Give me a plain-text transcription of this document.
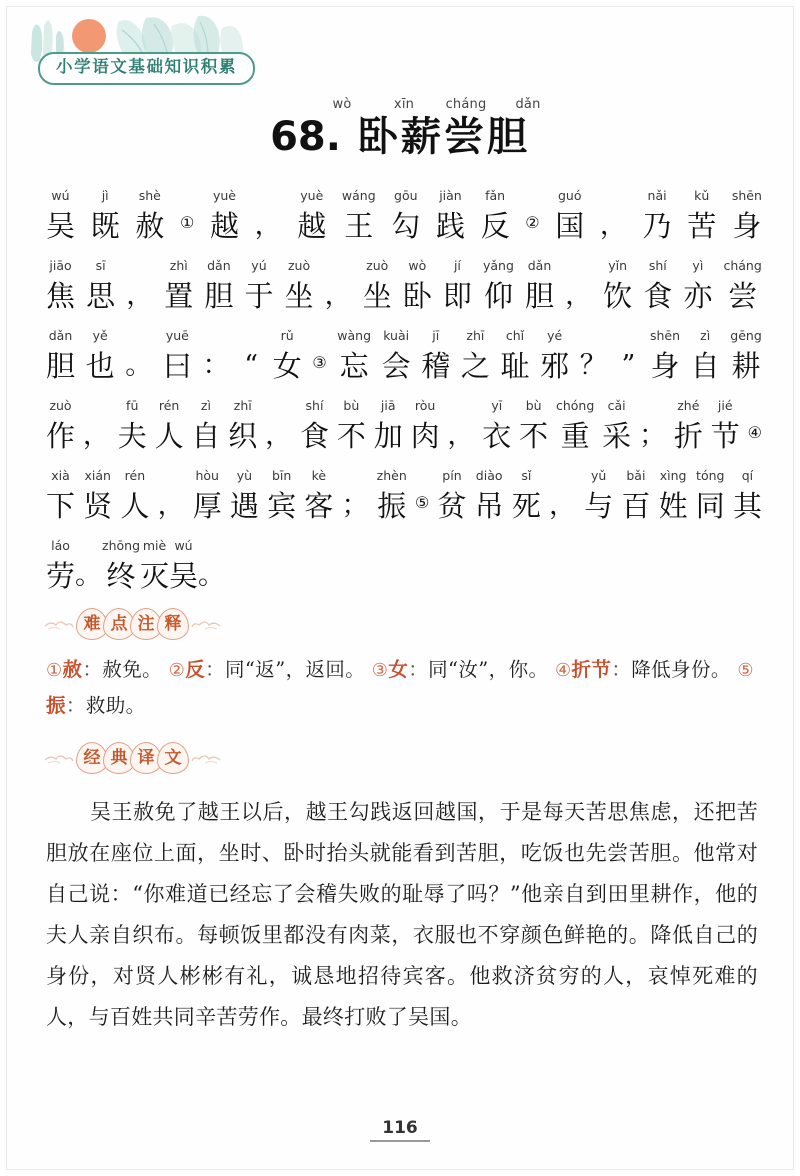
小学语文基础知识积累
wò	xīn	cháng	dǎn
68. 卧薪尝胆
wú
吴
jì
既
shè
赦 ①
yuè
越 ，
yuè
越
wáng
王
gōu
勾
jiàn
践
fǎn
反 ②
guó
国 ，
nǎi
乃
kǔ
苦
shēn
身
jiāo
焦
sī
思 ，
zhì
置
dǎn
胆
yú
于
zuò
坐 ，
zuò
坐
wò
卧
jí
即
yǎng
仰
dǎn
胆 ，
yǐn
饮
shí
食
yì
亦
cháng
尝
dǎn
胆
yě
也 。
yuē
曰 ： “
rǔ
女 ③
wàng
忘
kuài
会
jī
稽
zhī
之
chǐ
耻
yé
邪 ？ ”
shēn
身
zì
自
gēng
耕
zuò
作 ，
fū
夫
rén
人
zì
自
zhī
织 ，
shí
食
bù
不
jiā
加
ròu
肉 ，
yī
衣
bù
不
chóng
重
cǎi
采 ；
zhé
折
jié
节 ④
xià
下
xián
贤
rén
人 ，
hòu
厚
yù
遇
bīn
宾
kè
客 ；
zhèn
振 ⑤
pín
贫
diào
吊
sǐ
死 ，
yǔ
与
bǎi
百
xìng
姓
tóng
同
qí
其
láo
劳 。
zhōng
终
miè
灭
wú
吴 。
难 点 注 释
①赦：赦免。 ②反：同“返”，返回。 ③女：同“汝”，你。 ④折节：降低身份。 ⑤振：救助。
经 典 译 文
吴王赦免了越王以后，越王勾践返回越国，于是每天苦思焦虑，还把苦胆放在座位上面，坐时、卧时抬头就能看到苦胆，吃饭也先尝苦胆。他常对自己说：“你难道已经忘了会稽失败的耻辱了吗？”他亲自到田里耕作，他的夫人亲自织布。每顿饭里都没有肉菜，衣服也不穿颜色鲜艳的。降低自己的身份，对贤人彬彬有礼，诚恳地招待宾客。他救济贫穷的人，哀悼死难的人，与百姓共同辛苦劳作。最终打败了吴国。
116
